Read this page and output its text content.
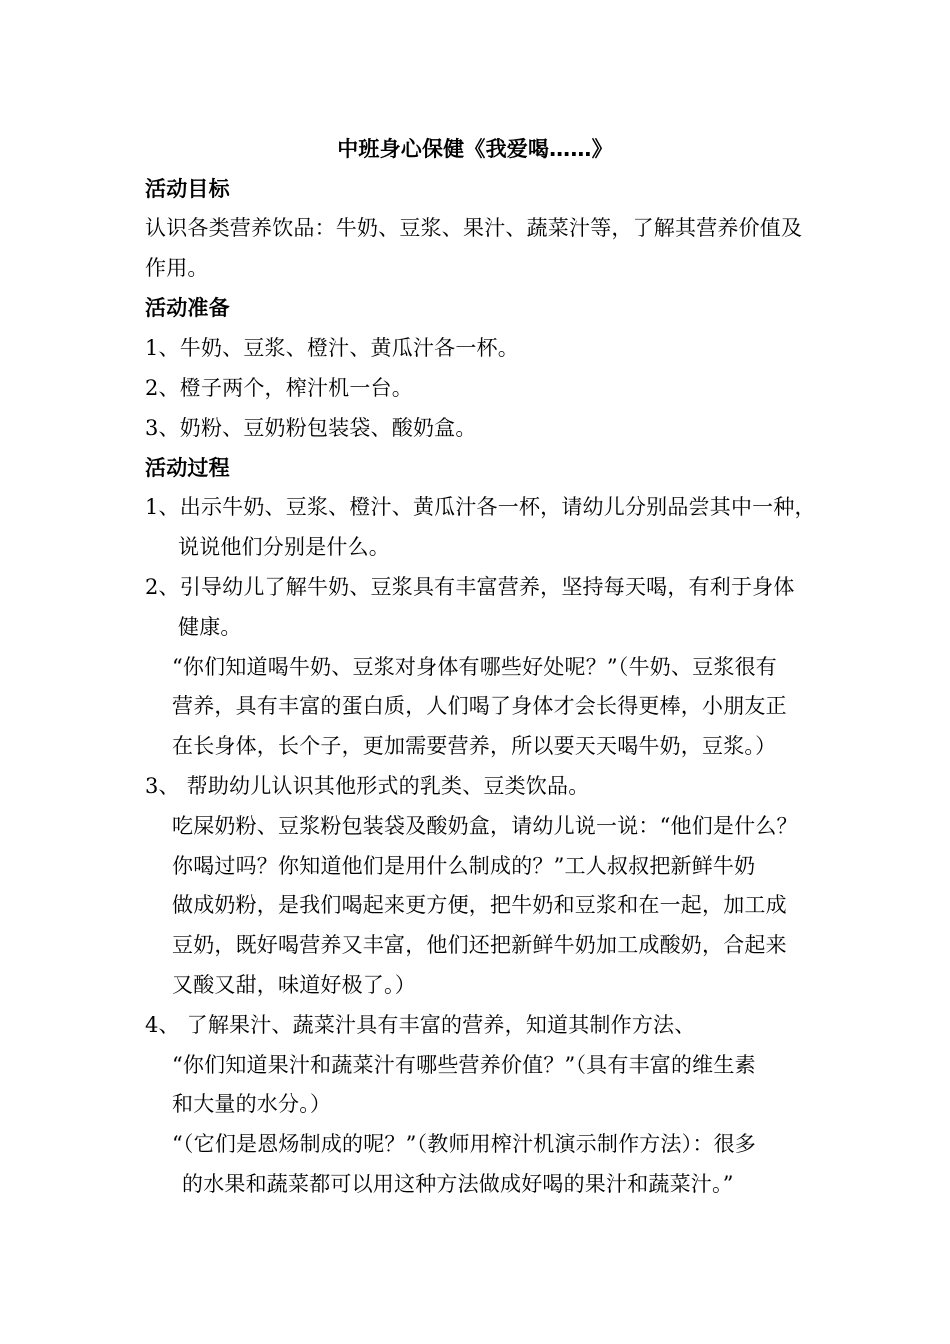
中班身心保健《我爱喝……》
活动目标
认识各类营养饮品：牛奶、豆浆、果汁、蔬菜汁等，了解其营养价值及
作用。
活动准备
1、牛奶、豆浆、橙汁、黄瓜汁各一杯。
2、橙子两个，榨汁机一台。
3、奶粉、豆奶粉包装袋、酸奶盒。
活动过程
1、出示牛奶、豆浆、橙汁、黄瓜汁各一杯，请幼儿分别品尝其中一种，
说说他们分别是什么。
2、引导幼儿了解牛奶、豆浆具有丰富营养，坚持每天喝，有利于身体
健康。
“你们知道喝牛奶、豆浆对身体有哪些好处呢？”（牛奶、豆浆很有
营养，具有丰富的蛋白质，人们喝了身体才会长得更棒，小朋友正
在长身体，长个子，更加需要营养，所以要天天喝牛奶，豆浆。）
3、 帮助幼儿认识其他形式的乳类、豆类饮品。
吃屎奶粉、豆浆粉包装袋及酸奶盒，请幼儿说一说：“他们是什么？
你喝过吗？你知道他们是用什么制成的？”工人叔叔把新鲜牛奶
做成奶粉，是我们喝起来更方便，把牛奶和豆浆和在一起，加工成
豆奶，既好喝营养又丰富，他们还把新鲜牛奶加工成酸奶，合起来
又酸又甜，味道好极了。）
4、 了解果汁、蔬菜汁具有丰富的营养，知道其制作方法、
“你们知道果汁和蔬菜汁有哪些营养价值？”（具有丰富的维生素
和大量的水分。）
“（它们是恩炀制成的呢？”（教师用榨汁机演示制作方法）：很多
的水果和蔬菜都可以用这种方法做成好喝的果汁和蔬菜汁。”
